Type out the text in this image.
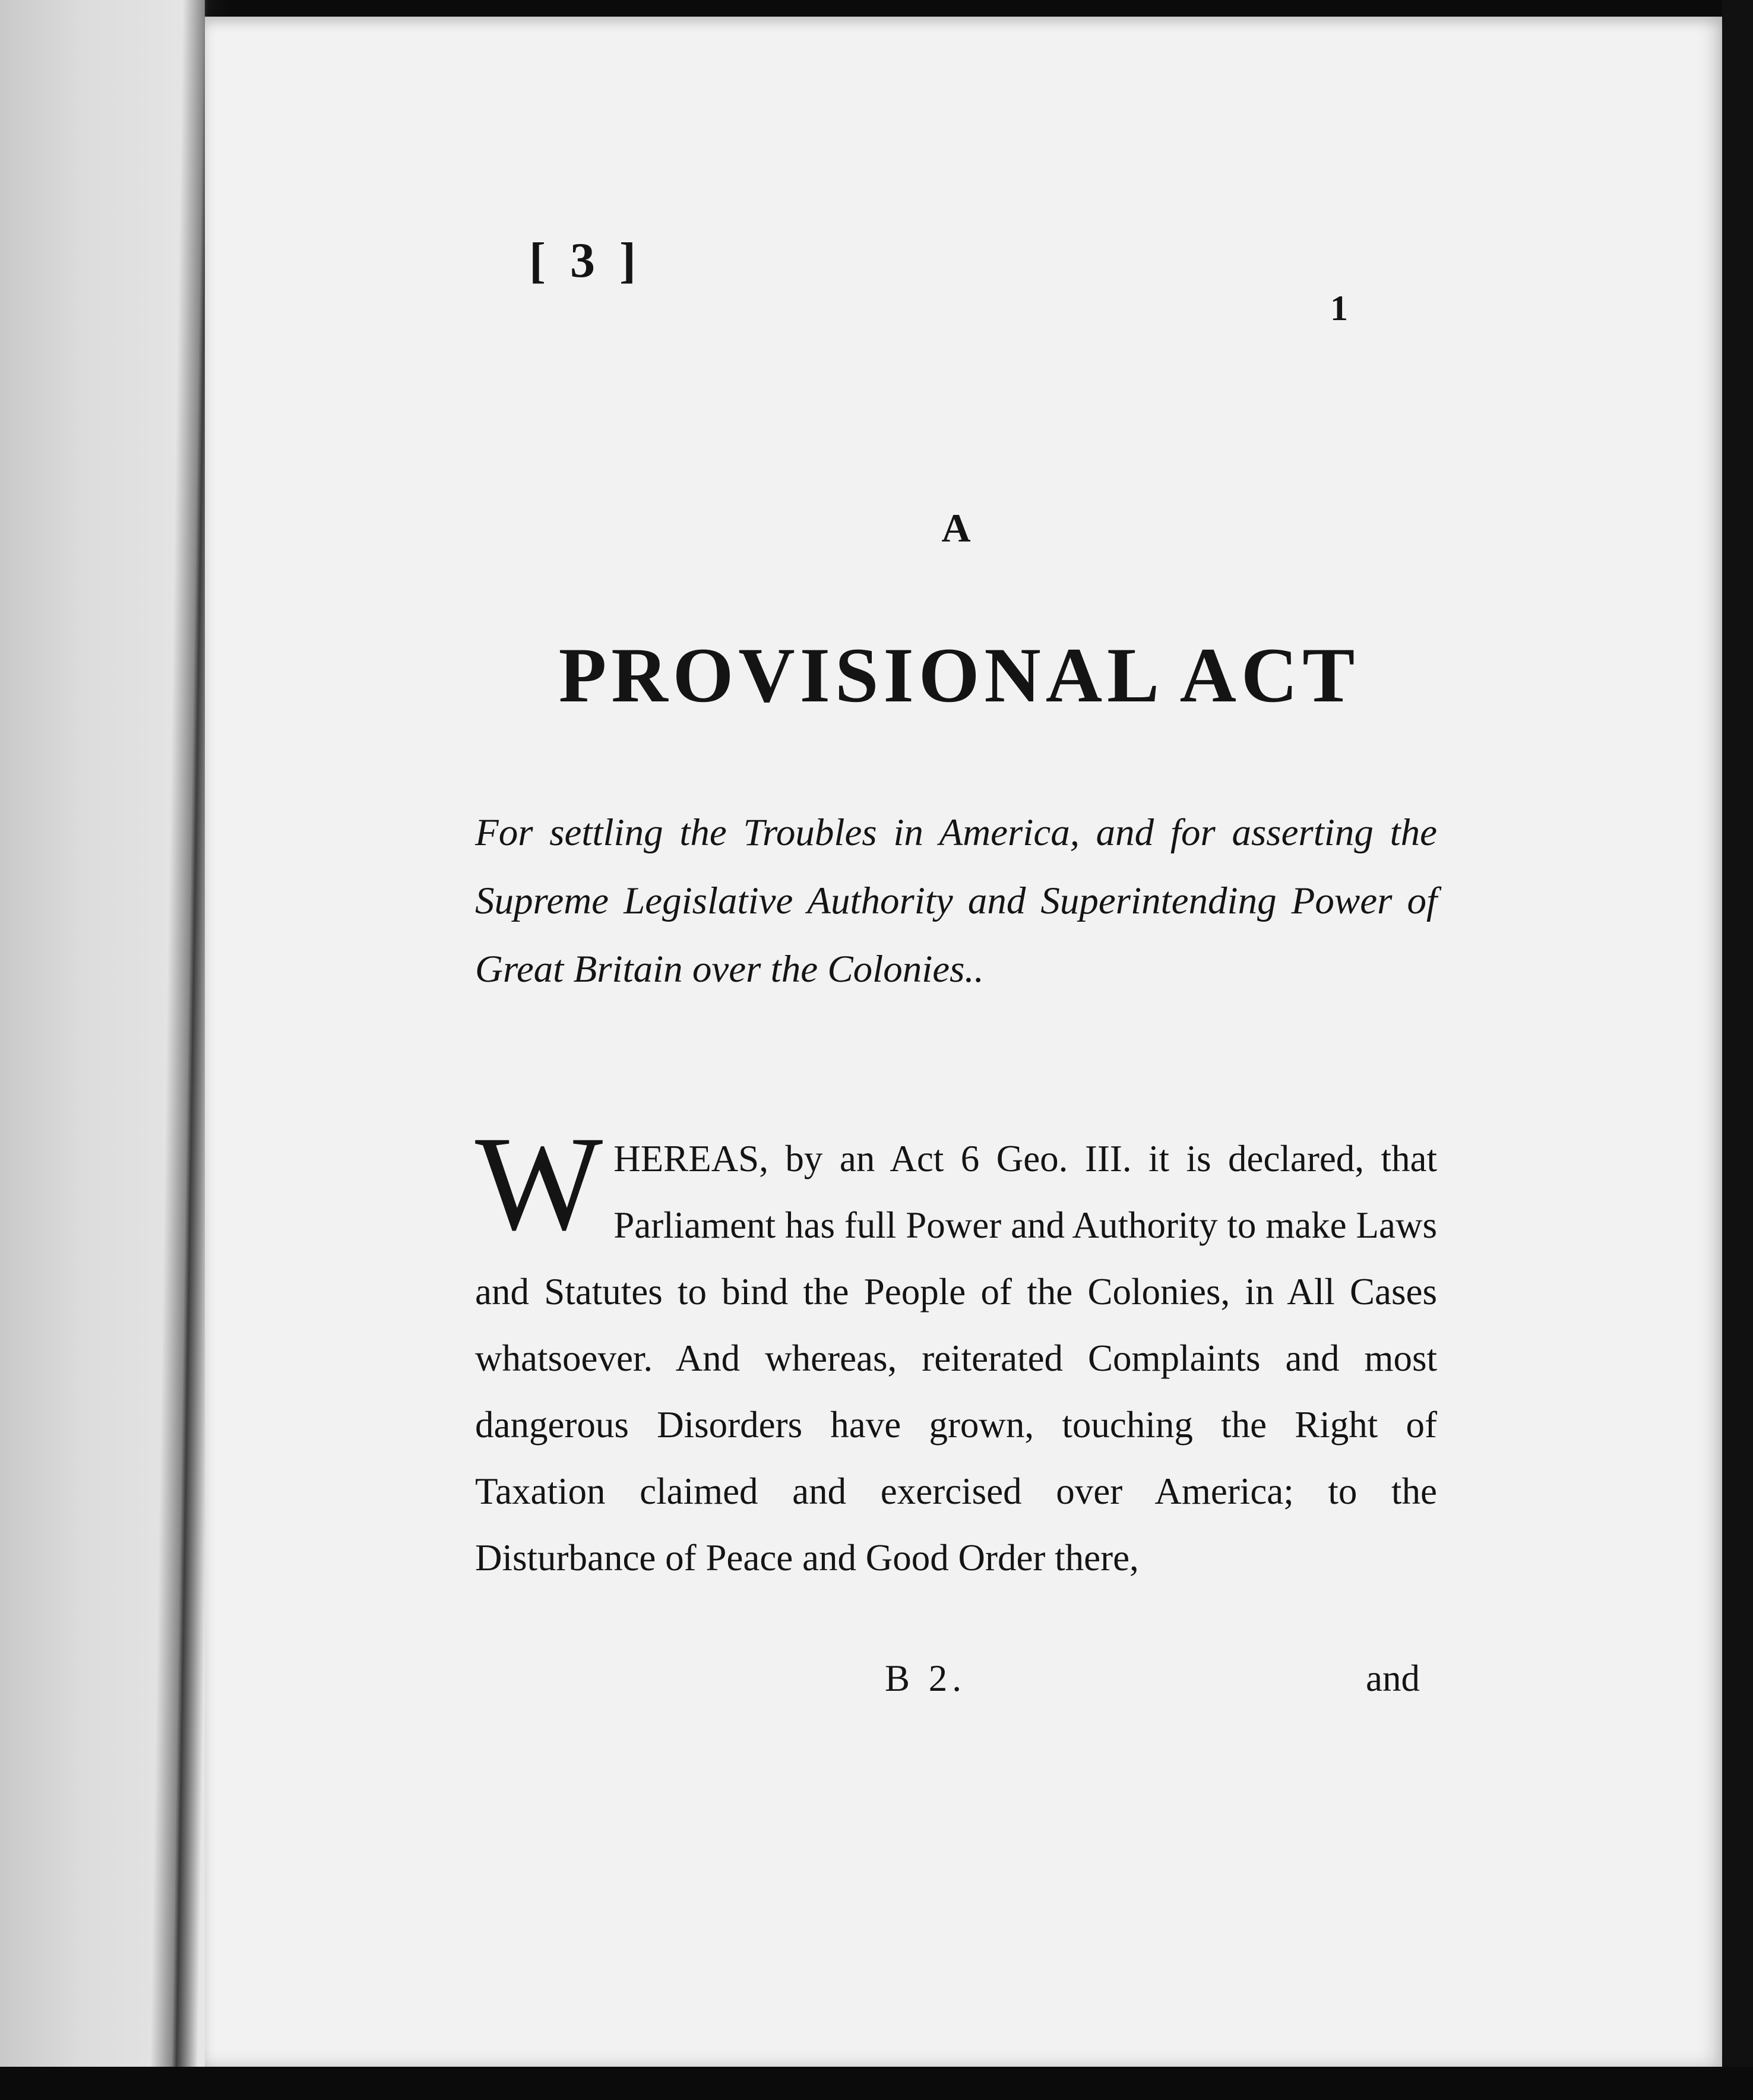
[ 3 ]
1
A
PROVISIONAL ACT
For settling the Troubles in America, and for asserting the Supreme Legislative Authority and Superintending Power of Great Britain over the Colonies..
W HEREAS, by an Act 6 Geo. III. it is declared, that Parliament has full Power and Authority to make Laws and Statutes to bind the People of the Colonies, in All Cases whatsoever. And whereas, reiterated Complaints and most dangerous Disorders have grown, touching the Right of Taxation claimed and exercised over America; to the Disturbance of Peace and Good Order there,
B 2.	and
